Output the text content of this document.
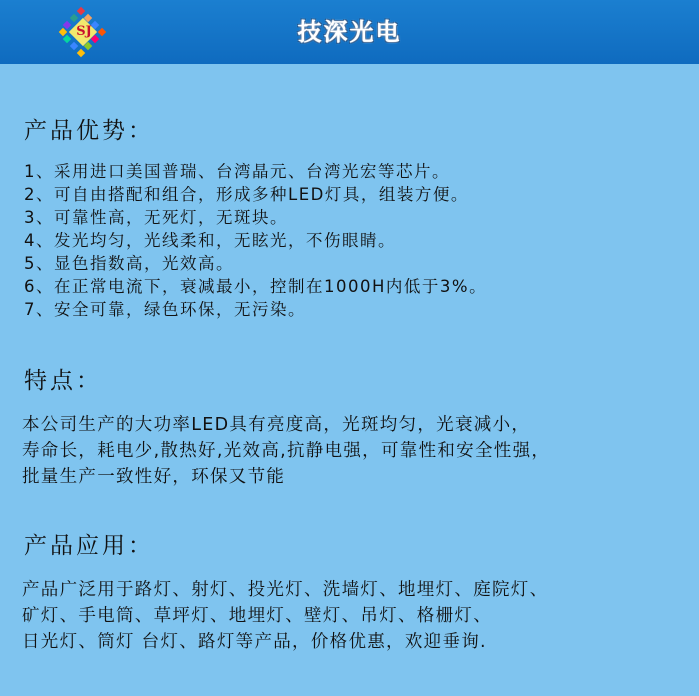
SJ	技深光电
产品优势：
1、采用进口美国普瑞、台湾晶元、台湾光宏等芯片。
2、可自由搭配和组合，形成多种LED灯具，组装方便。
3、可靠性高，无死灯，无斑块。
4、发光均匀，光线柔和，无眩光，不伤眼睛。
5、显色指数高，光效高。
6、在正常电流下，衰减最小，控制在1000H内低于3%。
7、安全可靠，绿色环保，无污染。
特点：
本公司生产的大功率LED具有亮度高，光斑均匀，光衰减小，
寿命长，耗电少,散热好,光效高,抗静电强，可靠性和安全性强，
批量生产一致性好，环保又节能
产品应用：
产品广泛用于路灯、射灯、投光灯、洗墙灯、地埋灯、庭院灯、
矿灯、手电筒、草坪灯、地埋灯、壁灯、吊灯、格栅灯、
日光灯、筒灯 台灯、路灯等产品，价格优惠，欢迎垂询.
